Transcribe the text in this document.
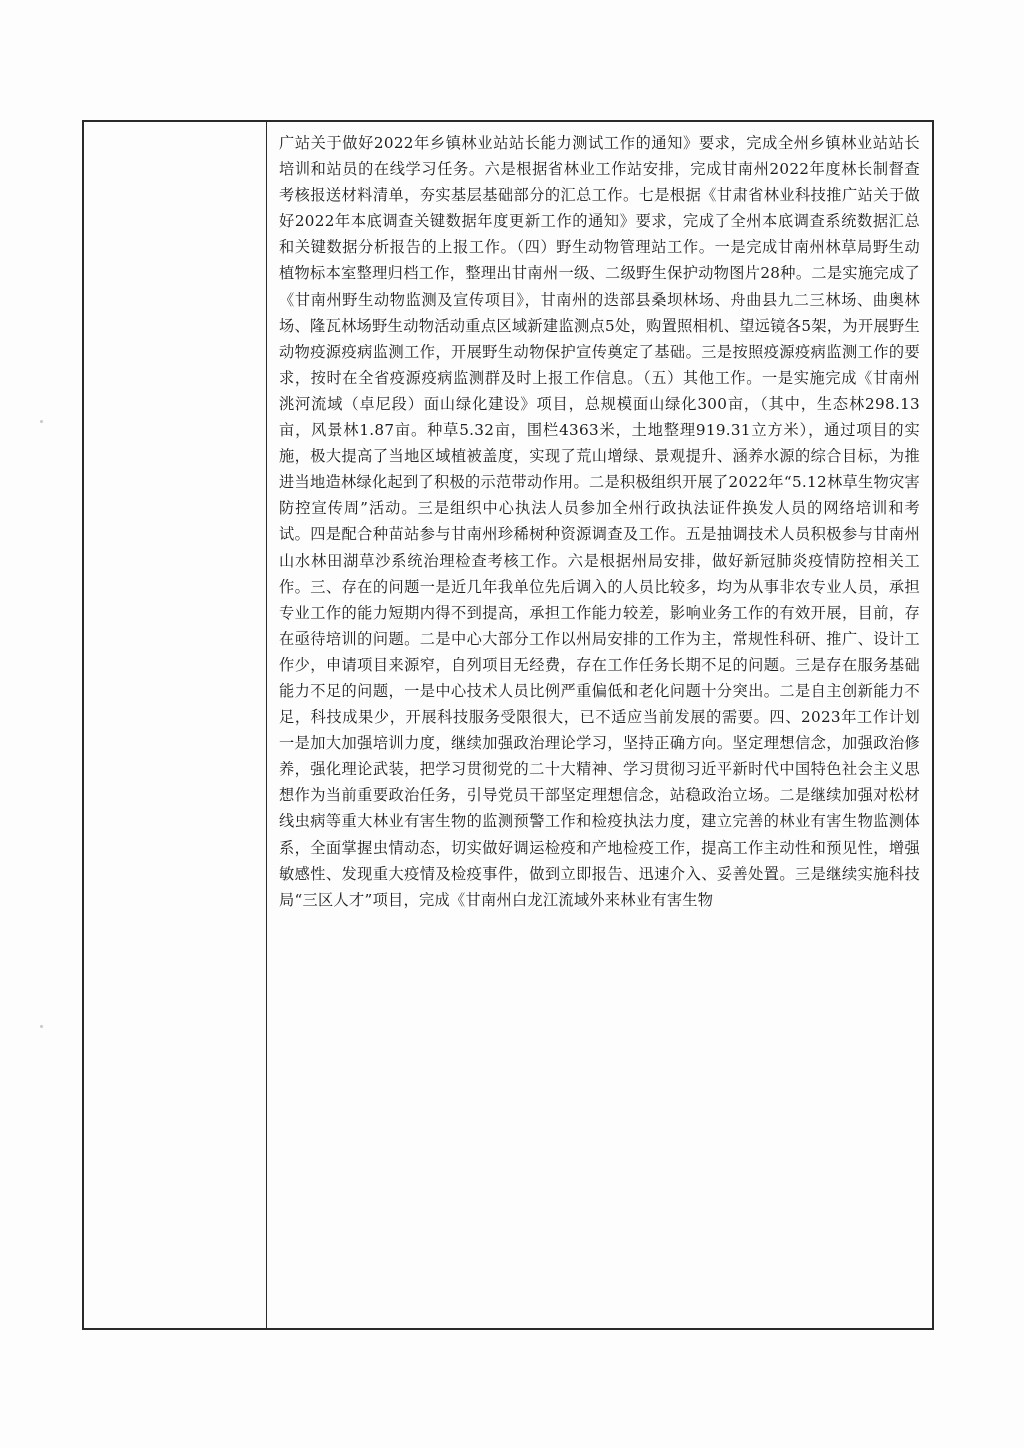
广站关于做好2022年乡镇林业站站长能力测试工作的通知》要求，完成全州乡镇林业站站长培训和站员的在线学习任务。六是根据省林业工作站安排，完成甘南州2022年度林长制督查考核报送材料清单，夯实基层基础部分的汇总工作。七是根据《甘肃省林业科技推广站关于做好2022年本底调查关键数据年度更新工作的通知》要求，完成了全州本底调查系统数据汇总和关键数据分析报告的上报工作。（四）野生动物管理站工作。一是完成甘南州林草局野生动植物标本室整理归档工作，整理出甘南州一级、二级野生保护动物图片28种。二是实施完成了《甘南州野生动物监测及宣传项目》，甘南州的迭部县桑坝林场、舟曲县九二三林场、曲奥林场、隆瓦林场野生动物活动重点区域新建监测点5处，购置照相机、望远镜各5架，为开展野生动物疫源疫病监测工作，开展野生动物保护宣传奠定了基础。三是按照疫源疫病监测工作的要求，按时在全省疫源疫病监测群及时上报工作信息。（五）其他工作。一是实施完成《甘南州洮河流域（卓尼段）面山绿化建设》项目，总规模面山绿化300亩，（其中，生态林298.13亩，风景林1.87亩。种草5.32亩，围栏4363米，土地整理919.31立方米），通过项目的实施，极大提高了当地区域植被盖度，实现了荒山增绿、景观提升、涵养水源的综合目标，为推进当地造林绿化起到了积极的示范带动作用。二是积极组织开展了2022年“5.12林草生物灾害防控宣传周”活动。三是组织中心执法人员参加全州行政执法证件换发人员的网络培训和考试。四是配合种苗站参与甘南州珍稀树种资源调查及工作。五是抽调技术人员积极参与甘南州山水林田湖草沙系统治理检查考核工作。六是根据州局安排，做好新冠肺炎疫情防控相关工作。三、存在的问题一是近几年我单位先后调入的人员比较多，均为从事非农专业人员，承担专业工作的能力短期内得不到提高，承担工作能力较差，影响业务工作的有效开展，目前，存在亟待培训的问题。二是中心大部分工作以州局安排的工作为主，常规性科研、推广、设计工作少，申请项目来源窄，自列项目无经费，存在工作任务长期不足的问题。三是存在服务基础能力不足的问题，一是中心技术人员比例严重偏低和老化问题十分突出。二是自主创新能力不足，科技成果少，开展科技服务受限很大，已不适应当前发展的需要。四、2023年工作计划一是加大加强培训力度，继续加强政治理论学习，坚持正确方向。坚定理想信念，加强政治修养，强化理论武装，把学习贯彻党的二十大精神、学习贯彻习近平新时代中国特色社会主义思想作为当前重要政治任务，引导党员干部坚定理想信念，站稳政治立场。二是继续加强对松材线虫病等重大林业有害生物的监测预警工作和检疫执法力度，建立完善的林业有害生物监测体系，全面掌握虫情动态，切实做好调运检疫和产地检疫工作，提高工作主动性和预见性，增强敏感性、发现重大疫情及检疫事件，做到立即报告、迅速介入、妥善处置。三是继续实施科技局“三区人才”项目，完成《甘南州白龙江流域外来林业有害生物
